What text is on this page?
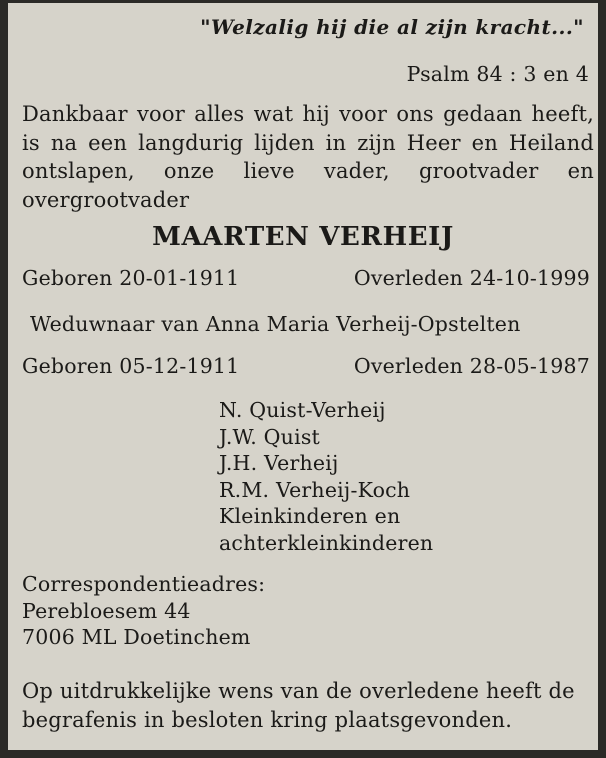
"Welzalig hij die al zijn kracht..."
Psalm 84 : 3 en 4
Dankbaar voor alles wat hij voor ons gedaan heeft, is na een langdurig lijden in zijn Heer en Heiland ontslapen, onze lieve vader, grootvader en overgrootvader
MAARTEN VERHEIJ
Geboren 20-01-1911	Overleden 24-10-1999
Weduwnaar van Anna Maria Verheij-Opstelten
Geboren 05-12-1911	Overleden 28-05-1987
N. Quist-Verheij
J.W. Quist
J.H. Verheij
R.M. Verheij-Koch
Kleinkinderen en
achterkleinkinderen
Correspondentieadres:
Perebloesem 44
7006 ML Doetinchem
Op uitdrukkelijke wens van de overledene heeft de begrafenis in besloten kring plaatsgevonden.
